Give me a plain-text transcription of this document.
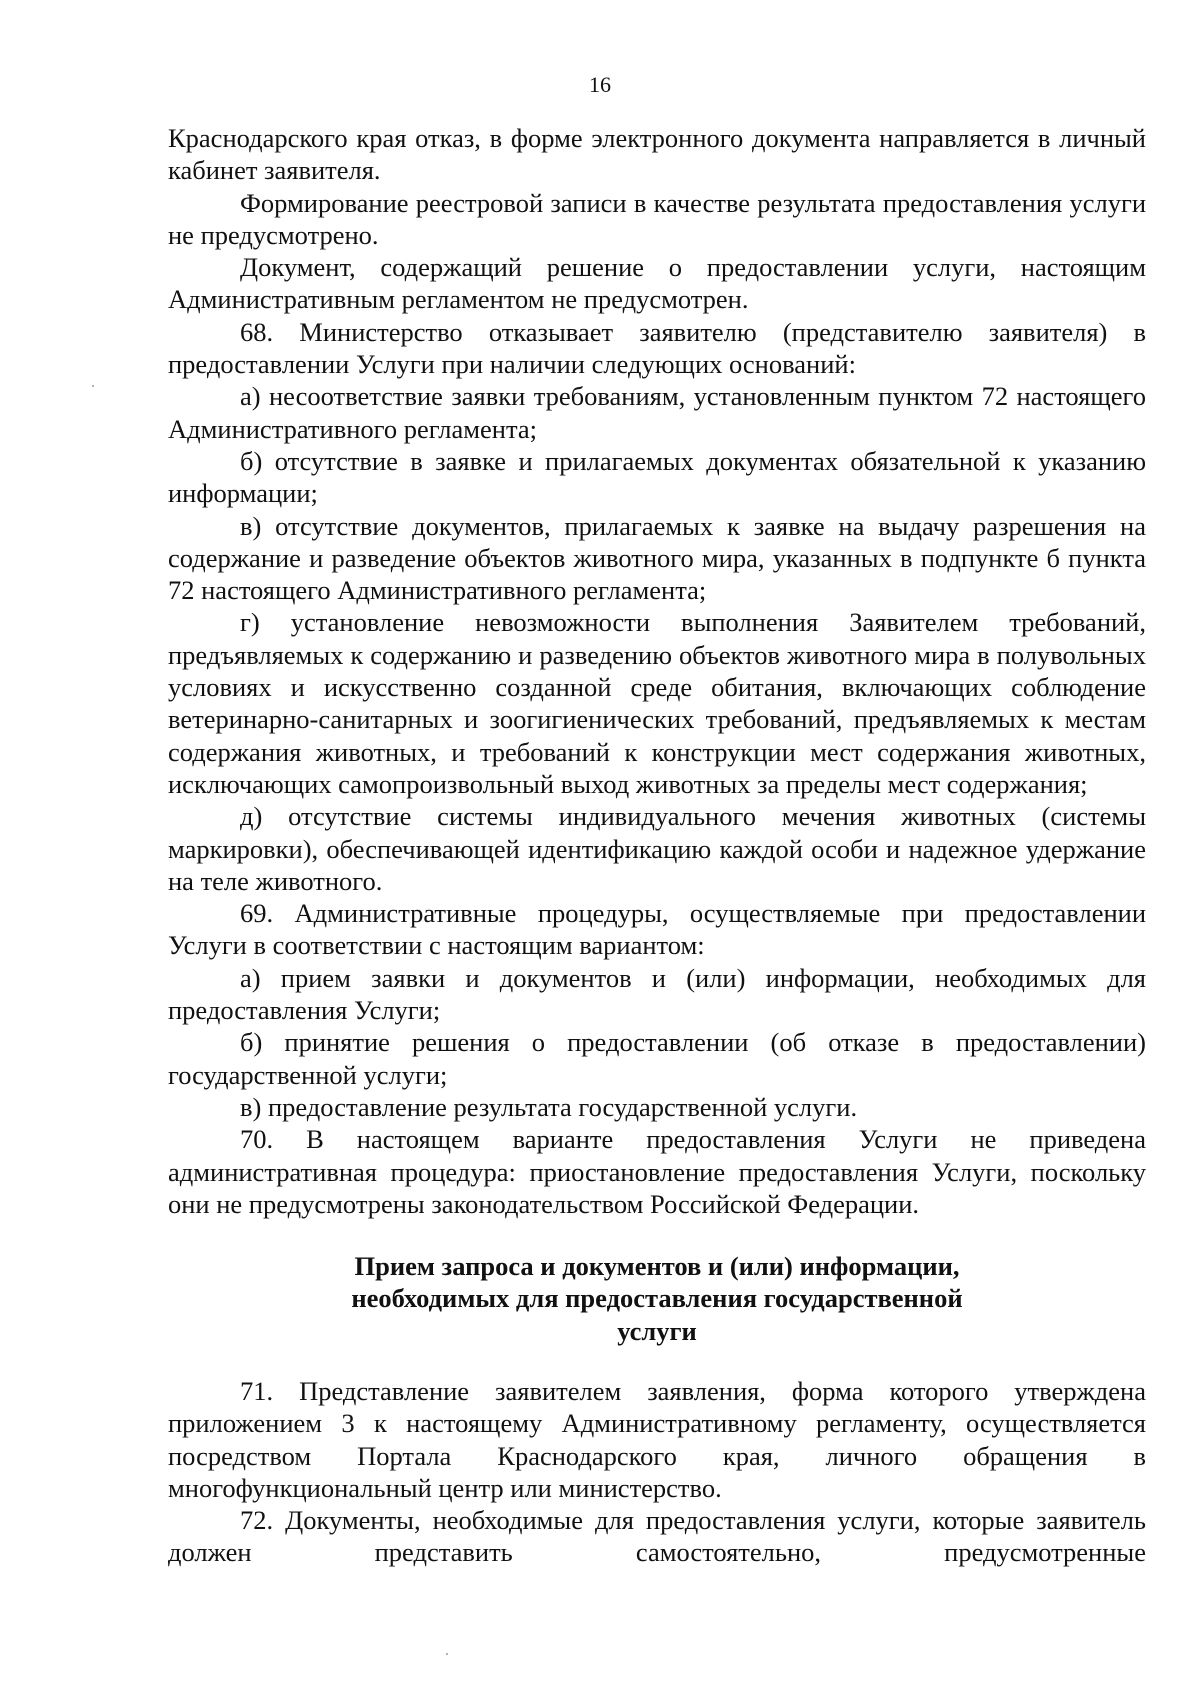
16

Краснодарского края отказ, в форме электронного документа направляется в личный кабинет заявителя.

Формирование реестровой записи в качестве результата предоставления услуги не предусмотрено.

Документ, содержащий решение о предоставлении услуги, настоящим Административным регламентом не предусмотрен.

68. Министерство отказывает заявителю (представителю заявителя) в предоставлении Услуги при наличии следующих оснований:

а) несоответствие заявки требованиям, установленным пунктом 72 настоящего Административного регламента;

б) отсутствие в заявке и прилагаемых документах обязательной к указанию информации;

в) отсутствие документов, прилагаемых к заявке на выдачу разрешения на содержание и разведение объектов животного мира, указанных в подпункте б пункта 72 настоящего Административного регламента;

г) установление невозможности выполнения Заявителем требований, предъявляемых к содержанию и разведению объектов животного мира в полувольных условиях и искусственно созданной среде обитания, включающих соблюдение ветеринарно-санитарных и зоогигиенических требований, предъявляемых к местам содержания животных, и требований к конструкции мест содержания животных, исключающих самопроизвольный выход животных за пределы мест содержания;

д) отсутствие системы индивидуального мечения животных (системы маркировки), обеспечивающей идентификацию каждой особи и надежное удержание на теле животного.

69. Административные процедуры, осуществляемые при предоставлении Услуги в соответствии с настоящим вариантом:

а) прием заявки и документов и (или) информации, необходимых для предоставления Услуги;

б) принятие решения о предоставлении (об отказе в предоставлении) государственной услуги;

в) предоставление результата государственной услуги.

70. В настоящем варианте предоставления Услуги не приведена административная процедура: приостановление предоставления Услуги, поскольку они не предусмотрены законодательством Российской Федерации.

Прием запроса и документов и (или) информации,
необходимых для предоставления государственной
услуги

71. Представление заявителем заявления, форма которого утверждена приложением 3 к настоящему Административному регламенту, осуществляется посредством Портала Краснодарского края, личного обращения в многофункциональный центр или министерство.

72. Документы, необходимые для предоставления услуги, которые заявитель должен представить самостоятельно, предусмотренные
